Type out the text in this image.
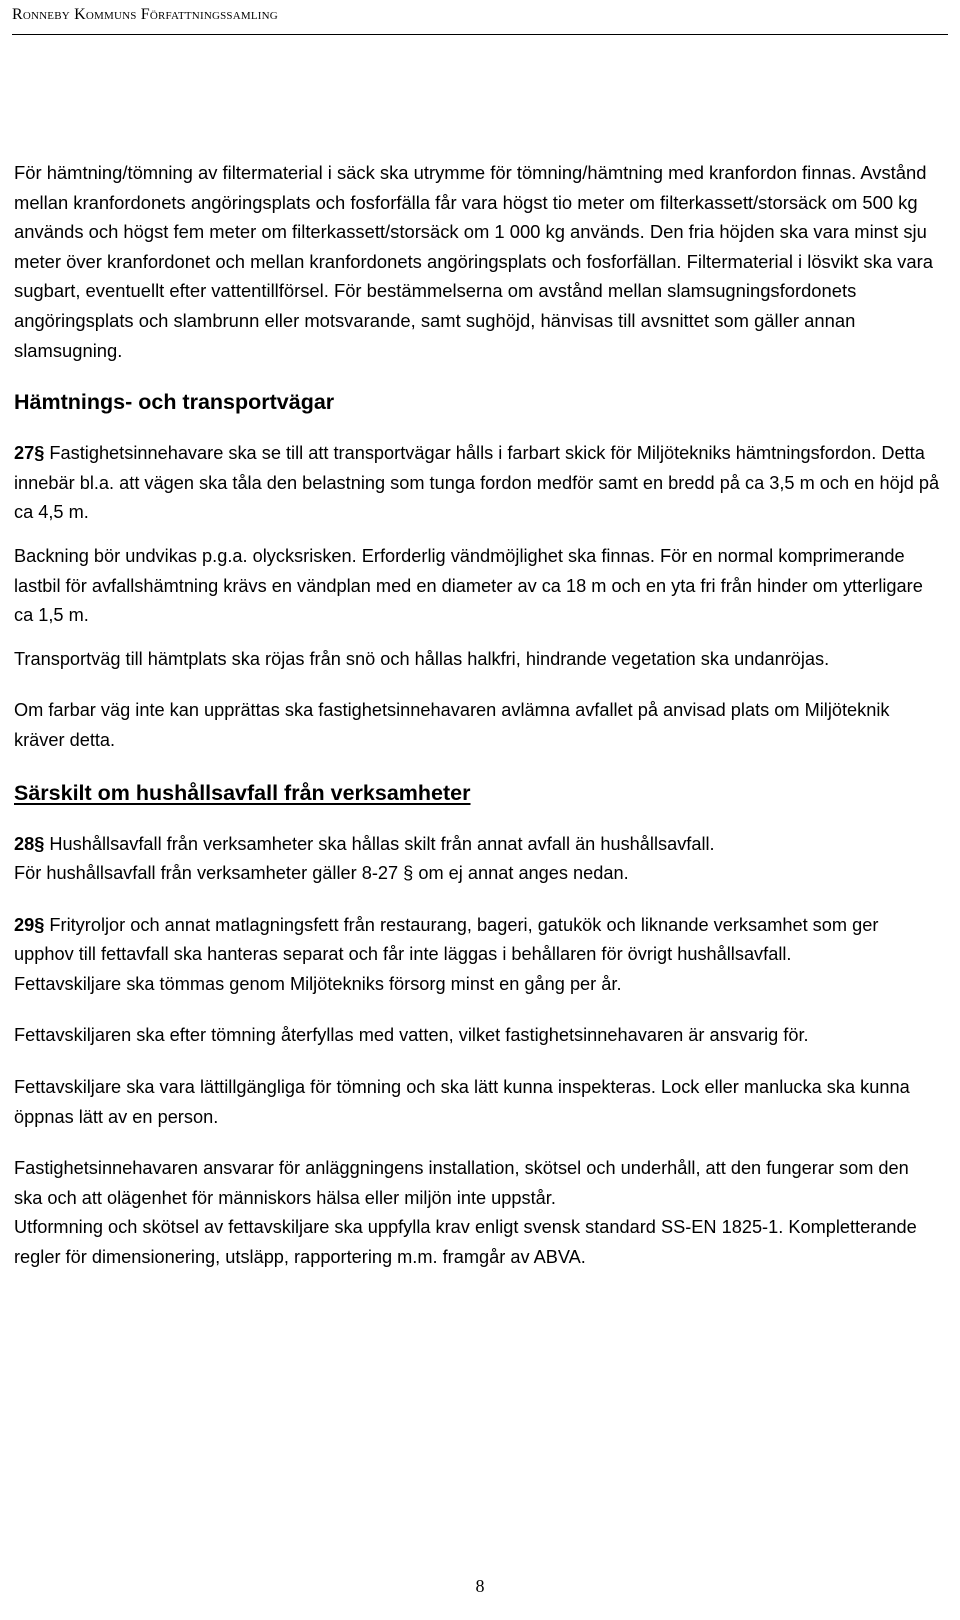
Ronneby Kommuns Författningssamling

För hämtning/tömning av filtermaterial i säck ska utrymme för tömning/hämtning med kranfordon finnas. Avstånd mellan kranfordonets angöringsplats och fosforfälla får vara högst tio meter om filterkassett/storsäck om 500 kg används och högst fem meter om filterkassett/storsäck om 1 000 kg används. Den fria höjden ska vara minst sju meter över kranfordonet och mellan kranfordonets angöringsplats och fosforfällan. Filtermaterial i lösvikt ska vara sugbart, eventuellt efter vattentillförsel. För bestämmelserna om avstånd mellan slamsugningsfordonets angöringsplats och slambrunn eller motsvarande, samt sughöjd, hänvisas till avsnittet som gäller annan slamsugning.

Hämtnings- och transportvägar

27§ Fastighetsinnehavare ska se till att transportvägar hålls i farbart skick för Miljötekniks hämtningsfordon. Detta innebär bl.a. att vägen ska tåla den belastning som tunga fordon medför samt en bredd på ca 3,5 m och en höjd på ca 4,5 m.

Backning bör undvikas p.g.a. olycksrisken. Erforderlig vändmöjlighet ska finnas. För en normal komprimerande lastbil för avfallshämtning krävs en vändplan med en diameter av ca 18 m och en yta fri från hinder om ytterligare ca 1,5 m.

Transportväg till hämtplats ska röjas från snö och hållas halkfri, hindrande vegetation ska undanröjas.

Om farbar väg inte kan upprättas ska fastighetsinnehavaren avlämna avfallet på anvisad plats om Miljöteknik kräver detta.

Särskilt om hushållsavfall från verksamheter

28§ Hushållsavfall från verksamheter ska hållas skilt från annat avfall än hushållsavfall.
För hushållsavfall från verksamheter gäller 8-27 § om ej annat anges nedan.

29§ Frityroljor och annat matlagningsfett från restaurang, bageri, gatukök och liknande verksamhet som ger upphov till fettavfall ska hanteras separat och får inte läggas i behållaren för övrigt hushållsavfall.
Fettavskiljare ska tömmas genom Miljötekniks försorg minst en gång per år.

Fettavskiljaren ska efter tömning återfyllas med vatten, vilket fastighetsinnehavaren är ansvarig för.

Fettavskiljare ska vara lättillgängliga för tömning och ska lätt kunna inspekteras. Lock eller manlucka ska kunna öppnas lätt av en person.

Fastighetsinnehavaren ansvarar för anläggningens installation, skötsel och underhåll, att den fungerar som den ska och att olägenhet för människors hälsa eller miljön inte uppstår.
Utformning och skötsel av fettavskiljare ska uppfylla krav enligt svensk standard SS-EN 1825-1. Kompletterande regler för dimensionering, utsläpp, rapportering m.m. framgår av ABVA.

8
